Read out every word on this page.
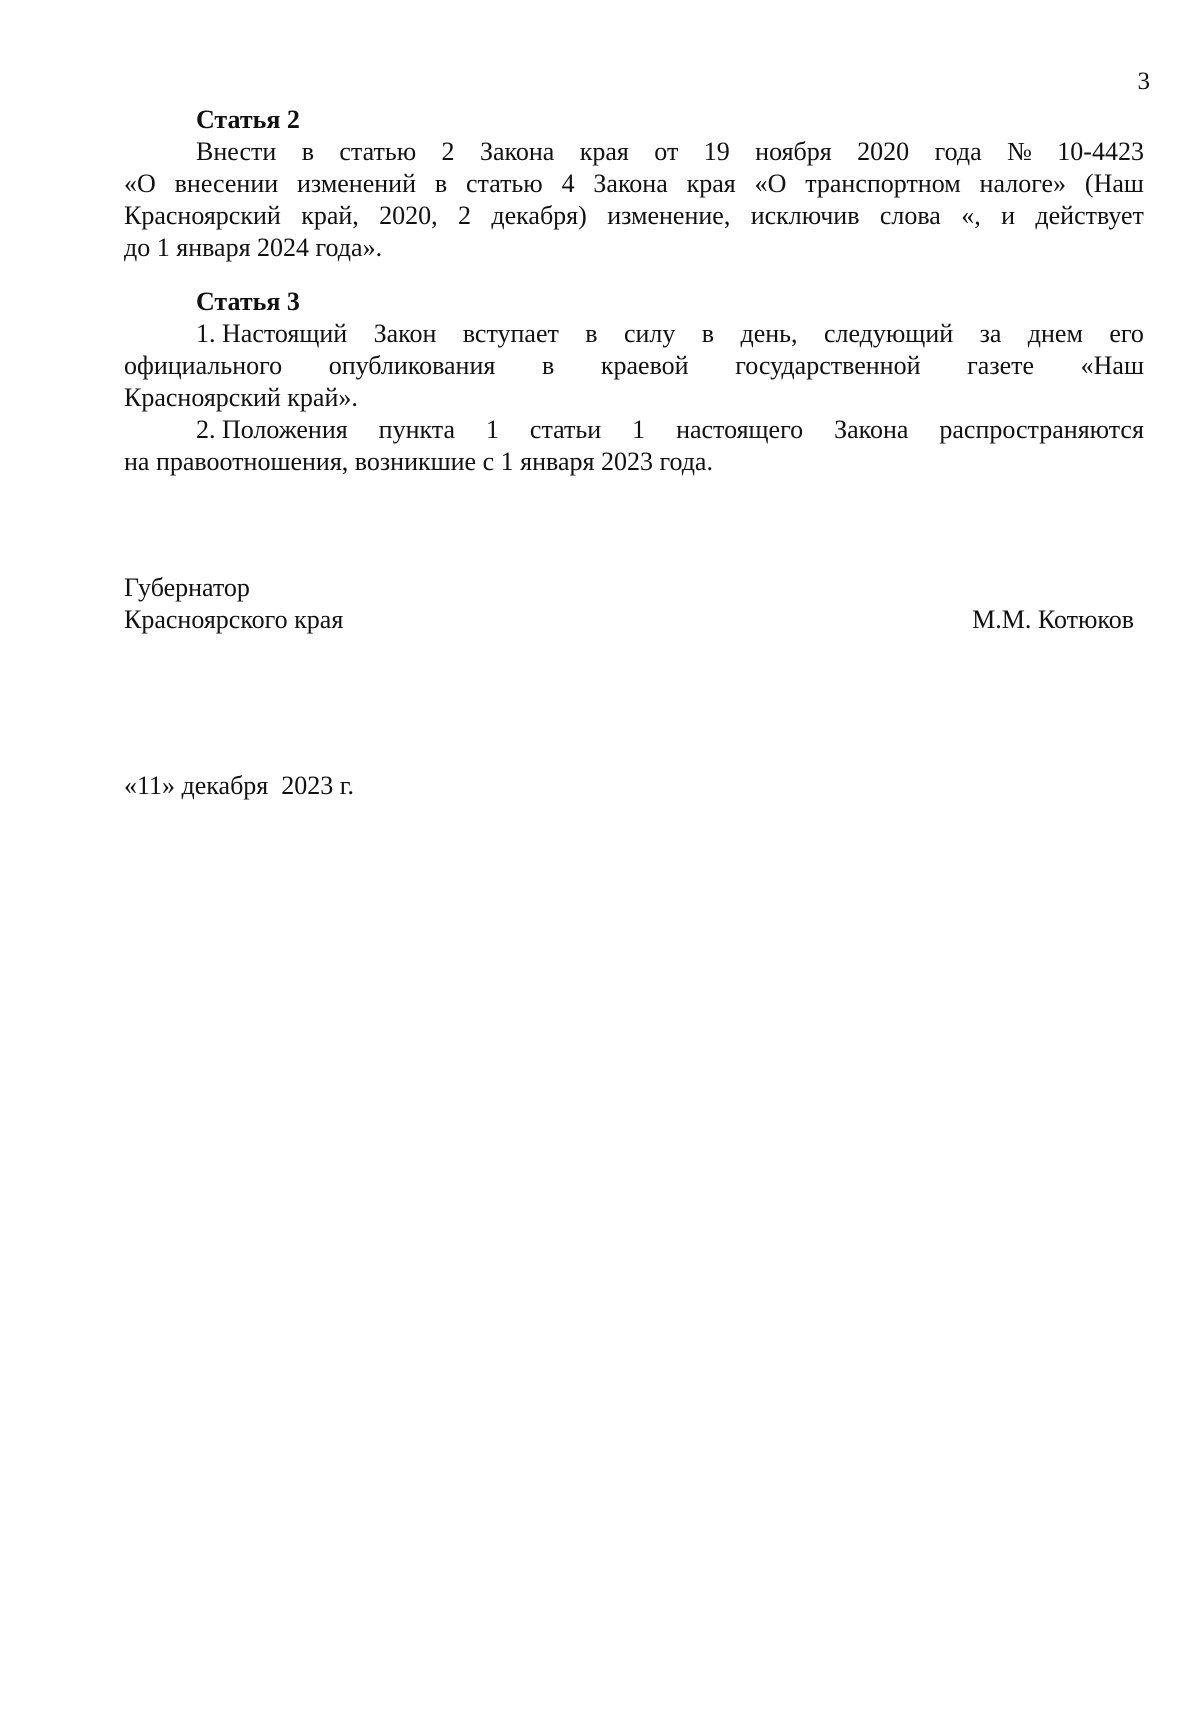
3
Статья 2
Внести в статью 2 Закона края от 19 ноября 2020 года № 10-4423
«О внесении изменений в статью 4 Закона края «О транспортном налоге» (Наш
Красноярский край, 2020, 2 декабря) изменение, исключив слова «, и действует
до 1 января 2024 года».
Статья 3
1. Настоящий Закон вступает в силу в день, следующий за днем его
официального опубликования в краевой государственной газете «Наш
Красноярский край».
2. Положения пункта 1 статьи 1 настоящего Закона распространяются
на правоотношения, возникшие с 1 января 2023 года.
Губернатор
Красноярского края	М.М. Котюков
«11» декабря  2023 г.
